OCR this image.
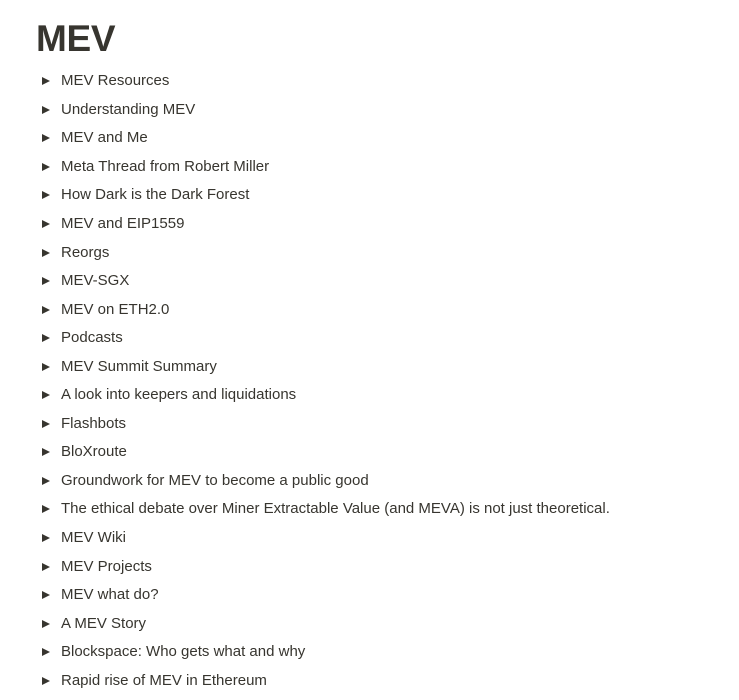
MEV
MEV Resources
Understanding MEV
MEV and Me
Meta Thread from Robert Miller
How Dark is the Dark Forest
MEV and EIP1559
Reorgs
MEV-SGX
MEV on ETH2.0
Podcasts
MEV Summit Summary
A look into keepers and liquidations
Flashbots
BloXroute
Groundwork for MEV to become a public good
The ethical debate over Miner Extractable Value (and MEVA) is not just theoretical.
MEV Wiki
MEV Projects
MEV what do?
A MEV Story
Blockspace: Who gets what and why
Rapid rise of MEV in Ethereum
